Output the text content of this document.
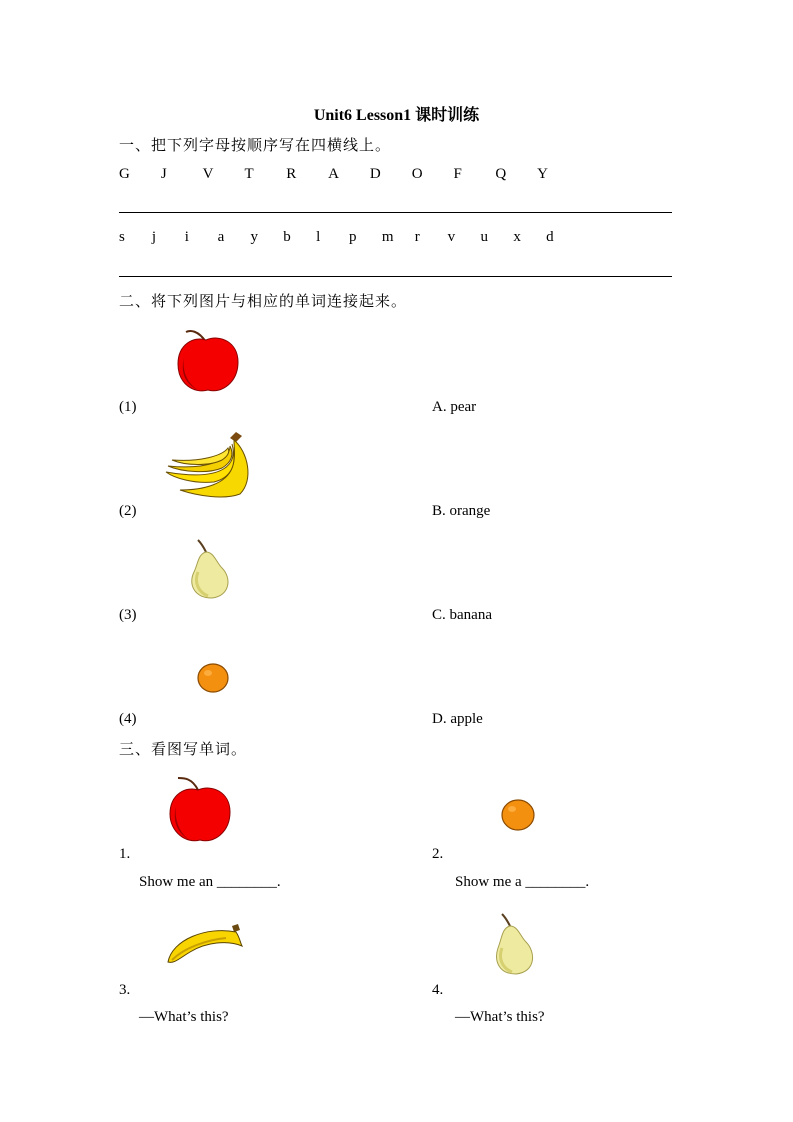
Unit6 Lesson1 课时训练
一、把下列字母按顺序写在四横线上。
G	J	V	T	R	A	D	O	F	Q	Y
s	j	i	a	y	b	l	p	m	r	v	u	x	d
二、将下列图片与相应的单词连接起来。
(1)	A. pear
(2)	B. orange
(3)	C. banana
(4)	D. apple
三、看图写单词。
1.	2.
Show me an ________.	Show me a ________.
3.	4.
—What’s this?	—What’s this?
